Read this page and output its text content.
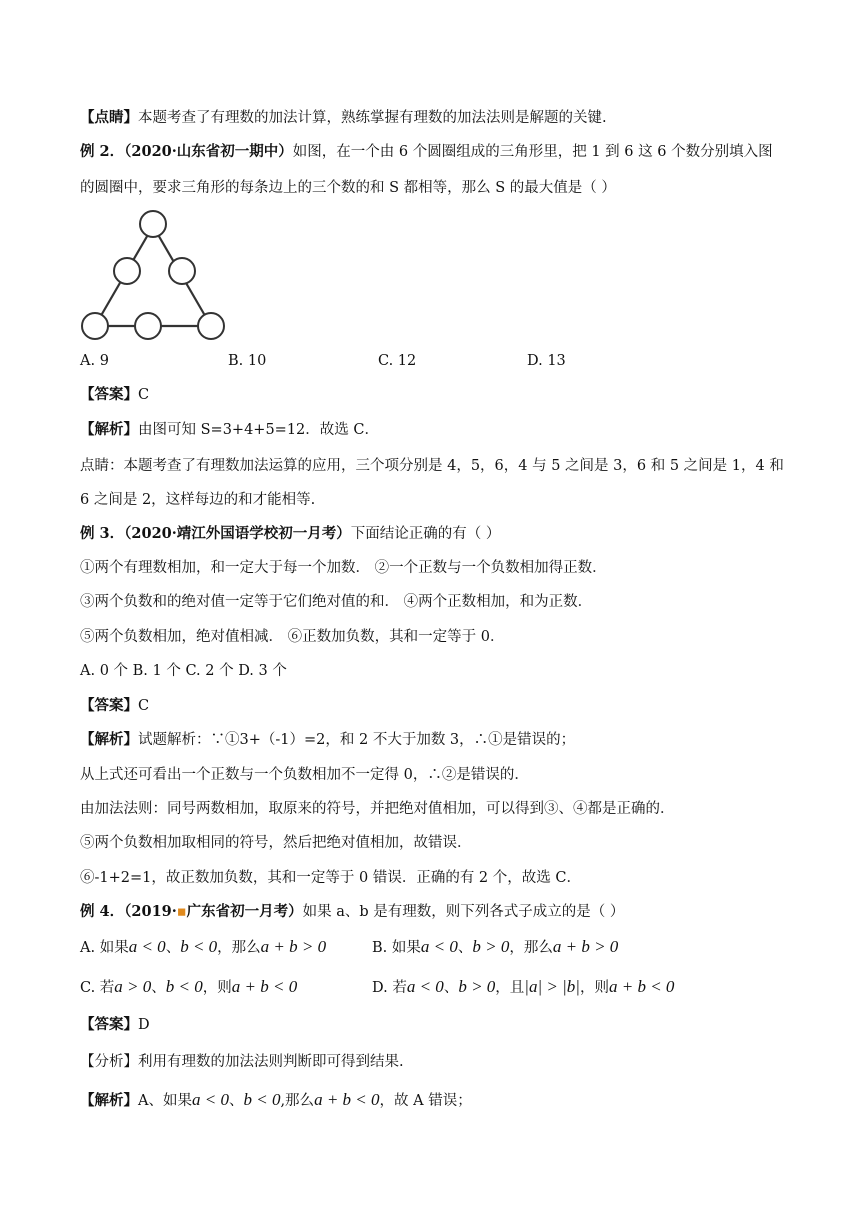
【点睛】本题考查了有理数的加法计算，熟练掌握有理数的加法法则是解题的关键.
例 2．（2020·山东省初一期中）如图，在一个由 6 个圆圈组成的三角形里，把 1 到 6 这 6 个数分别填入图
的圆圈中，要求三角形的每条边上的三个数的和 S 都相等，那么 S 的最大值是（ ）
A. 9	B. 10	C. 12	D. 13
【答案】C
【解析】由图可知 S=3+4+5=12．故选 C．
点睛：本题考查了有理数加法运算的应用，三个项分别是 4，5，6，4 与 5 之间是 3，6 和 5 之间是 1，4 和
6 之间是 2，这样每边的和才能相等.
例 3．（2020·靖江外国语学校初一月考）下面结论正确的有（ ）
①两个有理数相加，和一定大于每一个加数． ②一个正数与一个负数相加得正数．
③两个负数和的绝对值一定等于它们绝对值的和． ④两个正数相加，和为正数．
⑤两个负数相加，绝对值相减． ⑥正数加负数，其和一定等于 0．
A. 0 个 B. 1 个 C. 2 个 D. 3 个
【答案】C
【解析】试题解析：∵①3+（-1）=2，和 2 不大于加数 3，∴①是错误的；
从上式还可看出一个正数与一个负数相加不一定得 0，∴②是错误的．
由加法法则：同号两数相加，取原来的符号，并把绝对值相加，可以得到③、④都是正确的．
⑤两个负数相加取相同的符号，然后把绝对值相加，故错误．
⑥-1+2=1，故正数加负数，其和一定等于 0 错误．正确的有 2 个，故选 C．
例 4．（2019·▪广东省初一月考）如果 a、b 是有理数，则下列各式子成立的是（ ）
A. 如果a < 0、b < 0，那么a + b > 0	B. 如果a < 0、b > 0，那么a + b > 0
C. 若a > 0、b < 0，则a + b < 0	D. 若a < 0、b > 0，且|a| > |b|，则a + b < 0
【答案】D
【分析】利用有理数的加法法则判断即可得到结果.
【解析】A、如果a < 0、b < 0,那么a + b < 0，故 A 错误；
